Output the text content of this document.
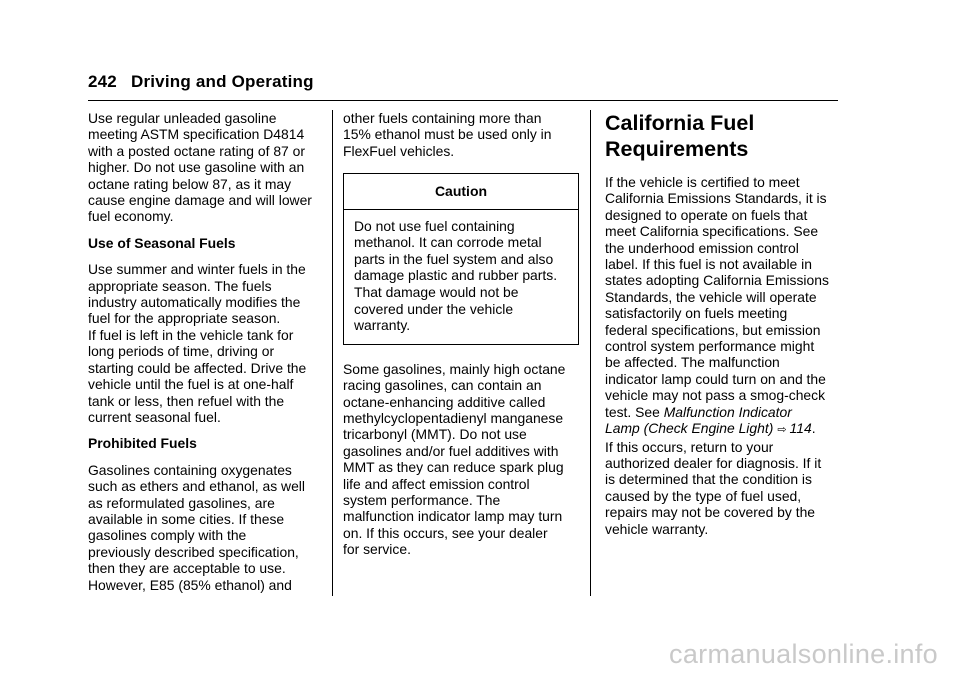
242 Driving and Operating

Use regular unleaded gasoline

meeting ASTM specification D4814

with a posted octane rating of 87 or

higher. Do not use gasoline with an

octane rating below 87, as it may

cause engine damage and will lower

fuel economy.

Use of Seasonal Fuels

Use summer and winter fuels in the

appropriate season. The fuels

industry automatically modifies the

fuel for the appropriate season.

If fuel is left in the vehicle tank for

long periods of time, driving or

starting could be affected. Drive the

vehicle until the fuel is at one-half

tank or less, then refuel with the

current seasonal fuel.

Prohibited Fuels

Gasolines containing oxygenates

such as ethers and ethanol, as well

as reformulated gasolines, are

available in some cities. If these

gasolines comply with the

previously described specification,

then they are acceptable to use.

However, E85 (85% ethanol) and

other fuels containing more than

15% ethanol must be used only in

FlexFuel vehicles.

Caution

Do not use fuel containing

methanol. It can corrode metal

parts in the fuel system and also

damage plastic and rubber parts.

That damage would not be

covered under the vehicle

warranty.

Some gasolines, mainly high octane

racing gasolines, can contain an

octane-enhancing additive called

methylcyclopentadienyl manganese

tricarbonyl (MMT). Do not use

gasolines and/or fuel additives with

MMT as they can reduce spark plug

life and affect emission control

system performance. The

malfunction indicator lamp may turn

on. If this occurs, see your dealer

for service.

California Fuel
Requirements

If the vehicle is certified to meet

California Emissions Standards, it is

designed to operate on fuels that

meet California specifications. See

the underhood emission control

label. If this fuel is not available in

states adopting California Emissions

Standards, the vehicle will operate

satisfactorily on fuels meeting

federal specifications, but emission

control system performance might

be affected. The malfunction

indicator lamp could turn on and the

vehicle may not pass a smog-check

test. See Malfunction Indicator

Lamp (Check Engine Light) ⇨ 114.

If this occurs, return to your

authorized dealer for diagnosis. If it

is determined that the condition is

caused by the type of fuel used,

repairs may not be covered by the

vehicle warranty.

carmanualsonline.info
